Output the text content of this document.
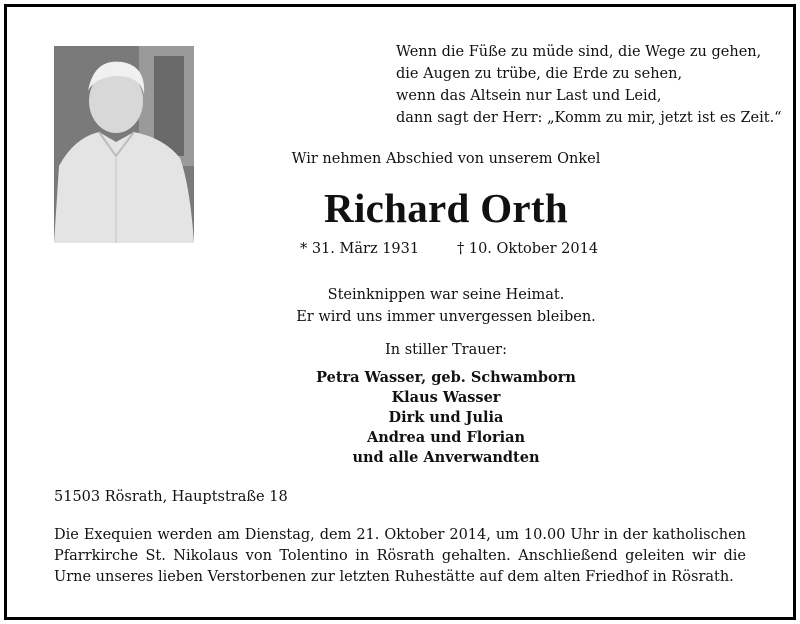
Wenn die Füße zu müde sind, die Wege zu gehen,
die Augen zu trübe, die Erde zu sehen,
wenn das Altsein nur Last und Leid,
dann sagt der Herr: „Komm zu mir, jetzt ist es Zeit.“
Wir nehmen Abschied von unserem Onkel
Richard Orth
* 31. März 1931	† 10. Oktober 2014
Steinknippen war seine Heimat.
Er wird uns immer unvergessen bleiben.
In stiller Trauer:
Petra Wasser, geb. Schwamborn
Klaus Wasser
Dirk und Julia
Andrea und Florian
und alle Anverwandten
51503 Rösrath, Hauptstraße 18
Die Exequien werden am Dienstag, dem 21. Oktober 2014, um 10.00 Uhr in der katholischen Pfarrkirche St. Nikolaus von Tolentino in Rösrath gehalten. Anschließend geleiten wir die Urne unseres lieben Verstorbenen zur letzten Ruhestätte auf dem alten Friedhof in Rösrath.
